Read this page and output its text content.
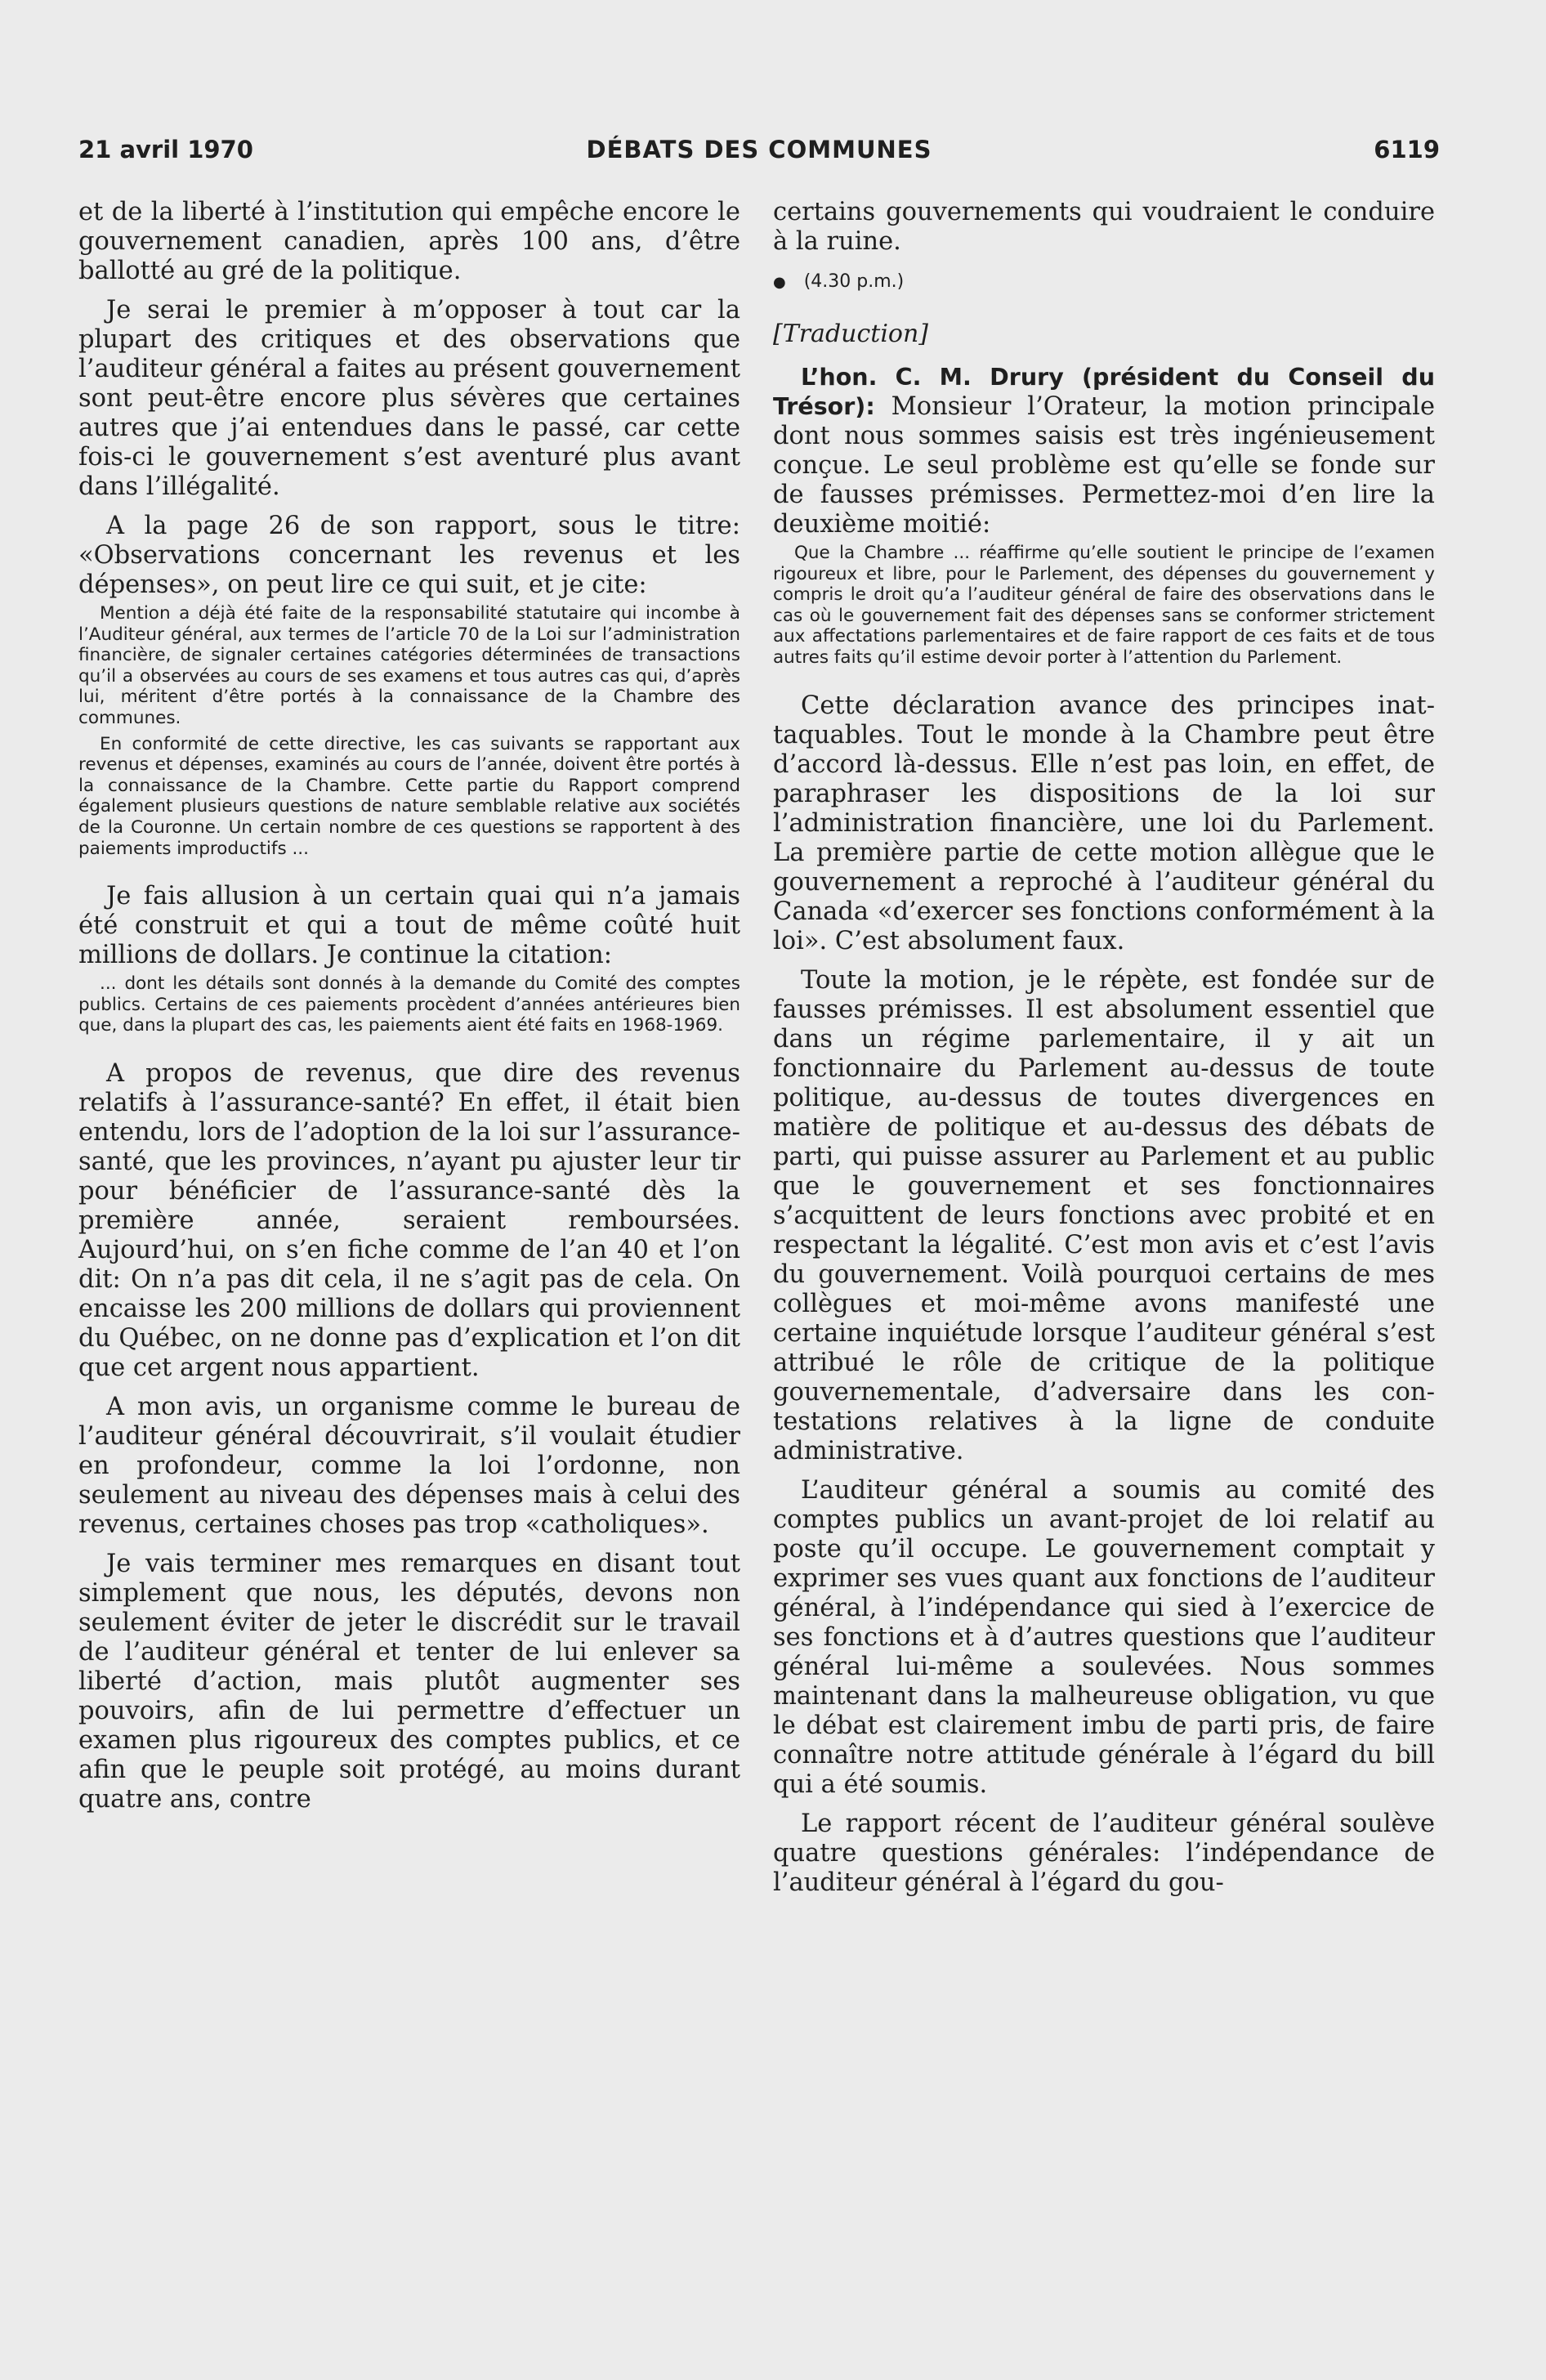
21 avril 1970	DÉBATS DES COMMUNES	6119

et de la liberté à l’institution qui empêche encore le gouvernement canadien, après 100 ans, d’être ballotté au gré de la politique.

Je serai le premier à m’opposer à tout car la plupart des critiques et des observations que l’auditeur général a faites au présent gouvernement sont peut-être encore plus sévères que certaines autres que j’ai entendues dans le passé, car cette fois-ci le gouvernement s’est aventuré plus avant dans l’illégalité.

A la page 26 de son rapport, sous le titre: «Observations concernant les revenus et les dépenses», on peut lire ce qui suit, et je cite:

Mention a déjà été faite de la responsabilité statutaire qui incombe à l’Auditeur général, aux termes de l’article 70 de la Loi sur l’administration financière, de signaler certaines catégories déterminées de transactions qu’il a observées au cours de ses examens et tous autres cas qui, d’après lui, méritent d’être portés à la connaissance de la Chambre des communes.

En conformité de cette directive, les cas suivants se rapportant aux revenus et dépenses, examinés au cours de l’année, doivent être portés à la connaissance de la Chambre. Cette partie du Rapport comprend également plusieurs questions de nature semblable relative aux sociétés de la Couronne. Un certain nombre de ces questions se rapportent à des paiements improductifs ...

Je fais allusion à un certain quai qui n’a jamais été construit et qui a tout de même coûté huit millions de dollars. Je continue la citation:

... dont les détails sont donnés à la demande du Comité des comptes publics. Certains de ces paiements procèdent d’années antérieures bien que, dans la plupart des cas, les paiements aient été faits en 1968-1969.

A propos de revenus, que dire des revenus relatifs à l’assurance-santé? En effet, il était bien entendu, lors de l’adoption de la loi sur l’assurance-santé, que les provinces, n’ayant pu ajuster leur tir pour bénéficier de l’assurance-santé dès la première année, seraient remboursées. Aujourd’hui, on s’en fiche comme de l’an 40 et l’on dit: On n’a pas dit cela, il ne s’agit pas de cela. On encaisse les 200 millions de dollars qui proviennent du Québec, on ne donne pas d’explication et l’on dit que cet argent nous appartient.

A mon avis, un organisme comme le bureau de l’auditeur général découvrirait, s’il voulait étudier en profondeur, comme la loi l’ordonne, non seulement au niveau des dépenses mais à celui des revenus, certaines choses pas trop «catholiques».

Je vais terminer mes remarques en disant tout simplement que nous, les députés, devons non seulement éviter de jeter le discrédit sur le travail de l’auditeur général et tenter de lui enlever sa liberté d’action, mais plutôt augmenter ses pouvoirs, afin de lui permettre d’effectuer un examen plus rigoureux des comptes publics, et ce afin que le peuple soit protégé, au moins durant quatre ans, contre

certains gouvernements qui voudraient le conduire à la ruine.

● (4.30 p.m.)

[Traduction]

L’hon. C. M. Drury (président du Conseil du Trésor): Monsieur l’Orateur, la motion principale dont nous sommes saisis est très ingénieusement conçue. Le seul problème est qu’elle se fonde sur de fausses prémisses. Permettez-moi d’en lire la deuxième moitié:

Que la Chambre ... réaffirme qu’elle soutient le principe de l’examen rigoureux et libre, pour le Parlement, des dépenses du gouvernement y compris le droit qu’a l’auditeur général de faire des observations dans le cas où le gouvernement fait des dépenses sans se conformer strictement aux affectations parlementaires et de faire rapport de ces faits et de tous autres faits qu’il estime devoir porter à l’attention du Parlement.

Cette déclaration avance des principes inattaquables. Tout le monde à la Chambre peut être d’accord là-dessus. Elle n’est pas loin, en effet, de paraphraser les dispositions de la loi sur l’administration financière, une loi du Parlement. La première partie de cette motion allègue que le gouvernement a reproché à l’auditeur général du Canada «d’exercer ses fonctions conformément à la loi». C’est absolument faux.

Toute la motion, je le répète, est fondée sur de fausses prémisses. Il est absolument essentiel que dans un régime parlementaire, il y ait un fonctionnaire du Parlement au-dessus de toute politique, au-dessus de toutes divergences en matière de politique et au-dessus des débats de parti, qui puisse assurer au Parlement et au public que le gouvernement et ses fonctionnaires s’acquittent de leurs fonctions avec probité et en respectant la légalité. C’est mon avis et c’est l’avis du gouvernement. Voilà pourquoi certains de mes collègues et moi-même avons manifesté une certaine inquiétude lorsque l’auditeur général s’est attribué le rôle de critique de la politique gouvernementale, d’adversaire dans les contestations relatives à la ligne de conduite administrative.

L’auditeur général a soumis au comité des comptes publics un avant-projet de loi relatif au poste qu’il occupe. Le gouvernement comptait y exprimer ses vues quant aux fonctions de l’auditeur général, à l’indépendance qui sied à l’exercice de ses fonctions et à d’autres questions que l’auditeur général lui-même a soulevées. Nous sommes maintenant dans la malheureuse obligation, vu que le débat est clairement imbu de parti pris, de faire connaître notre attitude générale à l’égard du bill qui a été soumis.

Le rapport récent de l’auditeur général soulève quatre questions générales: l’indépendance de l’auditeur général à l’égard du gou-
